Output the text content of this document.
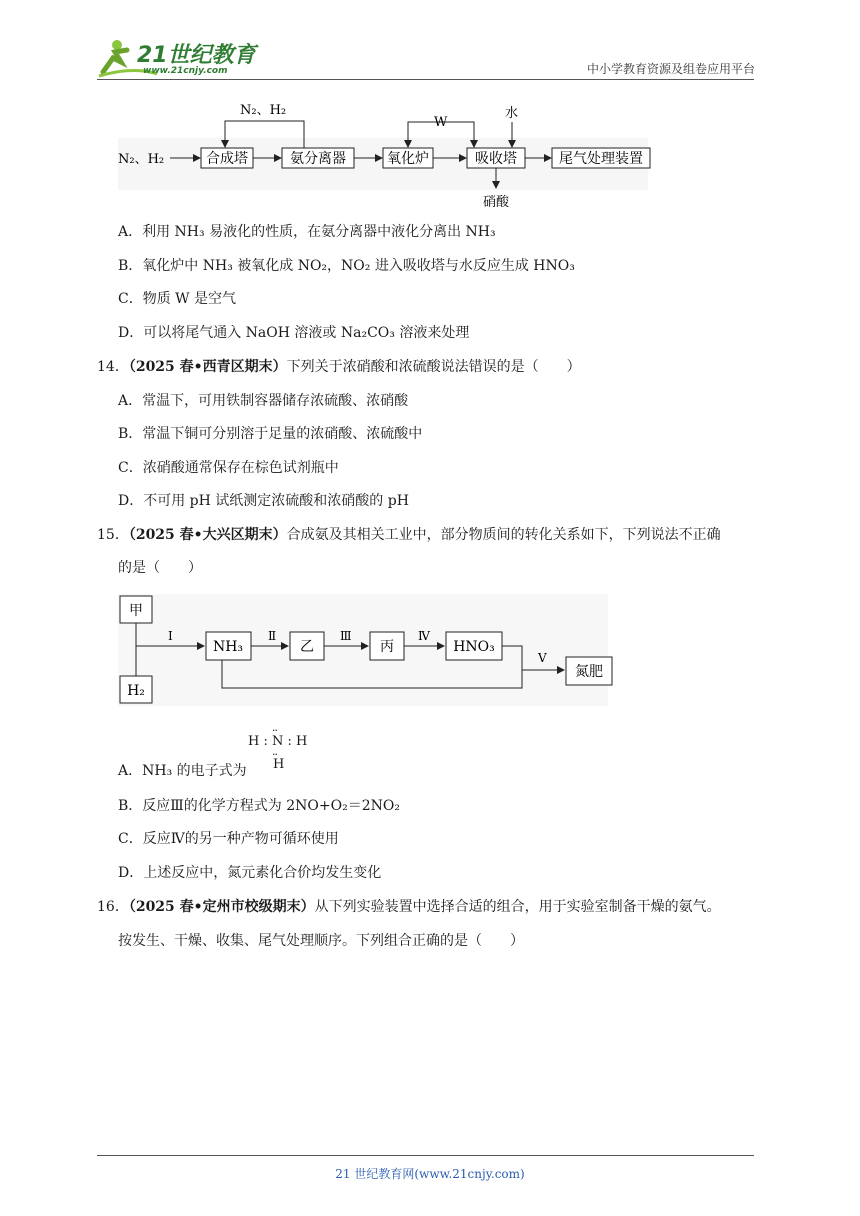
21世纪教育
www.21cnjy.com	中小学教育资源及组卷应用平台
合成塔	氨分离器	氧化炉	吸收塔	尾气处理装置
N₂、H₂
N₂、H₂
W
水
硝酸
A．利用 NH₃ 易液化的性质，在氨分离器中液化分离出 NH₃
B．氧化炉中 NH₃ 被氧化成 NO₂，NO₂ 进入吸收塔与水反应生成 HNO₃
C．物质 W 是空气
D．可以将尾气通入 NaOH 溶液或 Na₂CO₃ 溶液来处理
14．（2025 春•西青区期末）下列关于浓硝酸和浓硫酸说法错误的是（　　）
A．常温下，可用铁制容器储存浓硫酸、浓硝酸
B．常温下铜可分别溶于足量的浓硝酸、浓硫酸中
C．浓硝酸通常保存在棕色试剂瓶中
D．不可用 pH 试纸测定浓硫酸和浓硝酸的 pH
15．（2025 春•大兴区期末）合成氨及其相关工业中，部分物质间的转化关系如下，下列说法不正确
的是（　　）
甲
H₂
Ⅰ
NH₃
Ⅱ
乙
Ⅲ
丙
Ⅳ
HNO₃
Ⅴ
氮肥
A．NH₃ 的电子式为
··
H : N : H
··
H
B．反应Ⅲ的化学方程式为 2NO+O₂＝2NO₂
C．反应Ⅳ的另一种产物可循环使用
D．上述反应中，氮元素化合价均发生变化
16．（2025 春•定州市校级期末）从下列实验装置中选择合适的组合，用于实验室制备干燥的氨气。
按发生、干燥、收集、尾气处理顺序。下列组合正确的是（　　）
21 世纪教育网(www.21cnjy.com)
